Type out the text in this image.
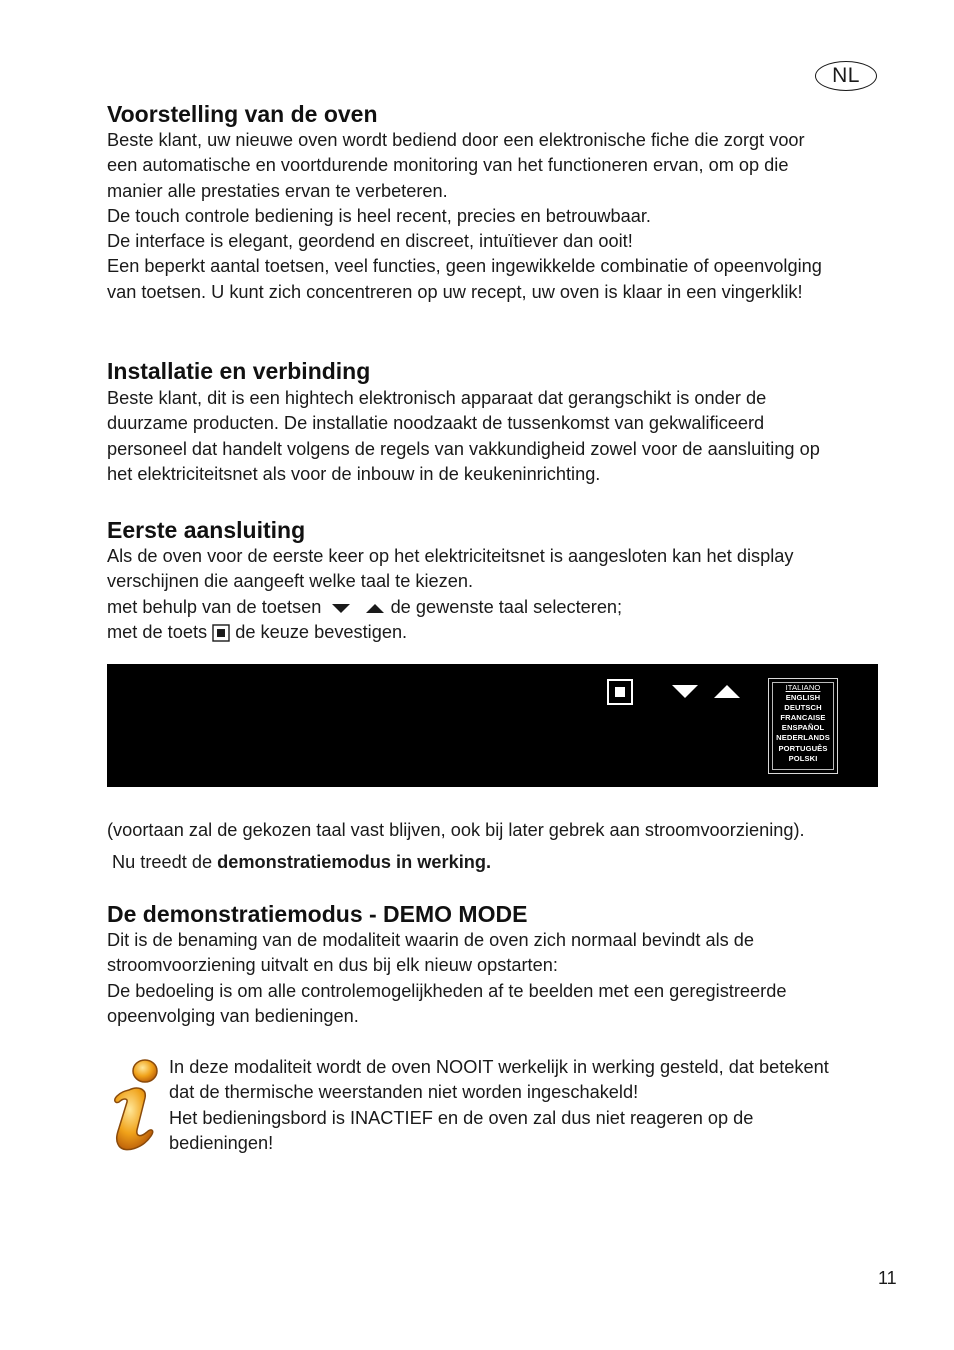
NL
Voorstelling van de oven
Beste klant, uw nieuwe oven wordt bediend door een elektronische fiche die zorgt voor
een automatische en voortdurende monitoring van het functioneren ervan, om op die
manier alle prestaties ervan te verbeteren.
De touch controle bediening is heel recent, precies en betrouwbaar.
De interface is elegant, geordend en discreet, intuïtiever dan ooit!
Een beperkt aantal toetsen, veel functies, geen ingewikkelde combinatie of opeenvolging
van toetsen. U kunt zich concentreren op uw recept, uw oven is klaar in een vingerklik!
Installatie en verbinding
Beste klant, dit is een hightech elektronisch apparaat dat gerangschikt is onder de
duurzame producten. De installatie noodzaakt de tussenkomst van gekwalificeerd
personeel dat handelt volgens de regels van vakkundigheid zowel voor de aansluiting op
het elektriciteitsnet als voor de inbouw in de keukeninrichting.
Eerste aansluiting
Als de oven voor de eerste keer op het elektriciteitsnet is aangesloten kan het display
verschijnen die aangeeft welke taal te kiezen.
met behulp van de toetsen	de gewenste taal selecteren;
met de toets de keuze bevestigen.
ITALIANO
ENGLISH
DEUTSCH
FRANCAISE
ENSPAÑOL
NEDERLANDS
PORTUGUÊS
POLSKI
(voortaan zal de gekozen taal vast blijven, ook bij later gebrek aan stroomvoorziening).
Nu treedt de demonstratiemodus in werking.
De demonstratiemodus - DEMO MODE
Dit is de benaming van de modaliteit waarin de oven zich normaal bevindt als de
stroomvoorziening uitvalt en dus bij elk nieuw opstarten:
De bedoeling is om alle controlemogelijkheden af te beelden met een geregistreerde
opeenvolging van bedieningen.
In deze modaliteit wordt de oven NOOIT werkelijk in werking gesteld, dat betekent
dat de thermische weerstanden niet worden ingeschakeld!
Het bedieningsbord is INACTIEF en de oven zal dus niet reageren op de
bedieningen!
11
